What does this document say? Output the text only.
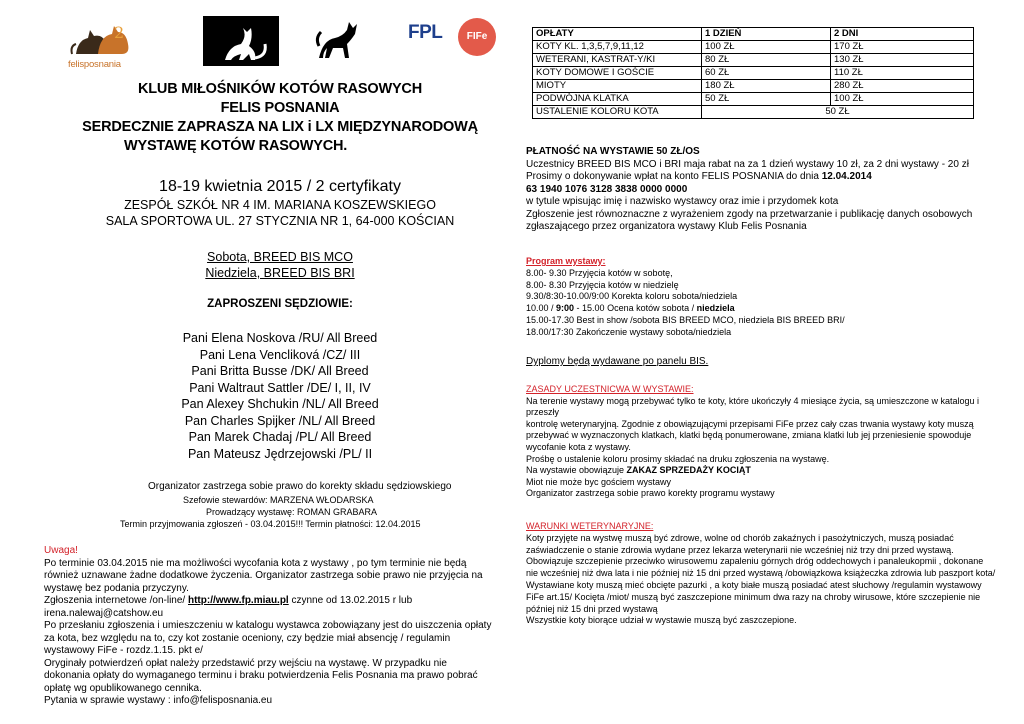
2
felisposnania
FPL	FIFe
KLUB MIŁOŚNIKÓW KOTÓW RASOWYCH
FELIS POSNANIA
SERDECZNIE ZAPRASZA NA LIX i LX MIĘDZYNARODOWĄ
WYSTAWĘ KOTÓW RASOWYCH.
18-19 kwietnia 2015 / 2 certyfikaty
ZESPÓŁ SZKÓŁ NR 4 IM. MARIANA KOSZEWSKIEGO
SALA SPORTOWA UL. 27 STYCZNIA NR 1, 64-000 KOŚCIAN
Sobota, BREED BIS MCO
Niedziela, BREED BIS BRI
ZAPROSZENI SĘDZIOWIE:
Pani Elena Noskova /RU/ All Breed
Pani Lena Vencliková /CZ/ III
Pani Britta Busse /DK/ All Breed
Pani Waltraut Sattler /DE/ I, II, IV
Pan Alexey Shchukin /NL/ All Breed
Pan Charles Spijker /NL/ All Breed
Pan Marek Chadaj /PL/ All Breed
Pan Mateusz Jędrzejowski /PL/ II
Organizator zastrzega sobie prawo do korekty składu sędziowskiego
Szefowie stewardów: MARZENA WŁODARSKA
Prowadzący wystawę: ROMAN GRABARA
Termin przyjmowania zgłoszeń - 03.04.2015!!! Termin płatności: 12.04.2015
Uwaga!
Po terminie 03.04.2015 nie ma możliwości wycofania kota z wystawy , po tym terminie nie będą również uznawane żadne dodatkowe życzenia. Organizator zastrzega sobie prawo nie przyjęcia na wystawę bez podania przyczyny.
Zgłoszenia internetowe /on-line/ http://www.fp.miau.pl czynne od 13.02.2015 r lub irena.nalewaj@catshow.eu
Po przesłaniu zgłoszenia i umieszczeniu w katalogu wystawca zobowiązany jest do uiszczenia opłaty za kota, bez względu na to, czy kot zostanie oceniony, czy będzie miał absencję / regulamin wystawowy FiFe - rozdz.1.15. pkt e/
Oryginały potwierdzeń opłat należy przedstawić przy wejściu na wystawę. W przypadku nie dokonania opłaty do wymaganego terminu i braku potwierdzenia Felis Posnania ma prawo pobrać opłatę wg opublikowanego cennika.
Pytania w sprawie wystawy : info@felisposnania.eu
OPŁATY	1 DZIEŃ	2 DNI
KOTY KL. 1,3,5,7,9,11,12	100 ZŁ	170 ZŁ
WETERANI, KASTRAT-Y/KI	80 ZŁ	130 ZŁ
KOTY DOMOWE I GOŚCIE	60 ZŁ	110 ZŁ
MIOTY	180 ZŁ	280 ZŁ
PODWÓJNA KLATKA	50 ZŁ	100 ZŁ
USTALENIE KOLORU KOTA	50 ZŁ	
PŁATNOŚĆ NA WYSTAWIE 50 ZŁ/OS
Uczestnicy BREED BIS MCO i BRI maja rabat na za 1 dzień wystawy 10 zł, za 2 dni wystawy - 20 zł
Prosimy o dokonywanie wpłat na konto FELIS POSNANIA do dnia 12.04.2014
63 1940 1076 3128 3838 0000 0000
w tytule wpisując imię i nazwisko wystawcy oraz imie i przydomek kota
Zgłoszenie jest równoznaczne z wyrażeniem zgody na przetwarzanie i publikację danych osobowych zgłaszającego przez organizatora wystawy Klub Felis Posnania
Program wystawy:
8.00- 9.30 Przyjęcia kotów w sobotę,
8.00- 8.30 Przyjęcia kotów w niedzielę
9.30/8:30-10.00/9:00 Korekta koloru sobota/niedziela
10.00 / 9:00 - 15.00 Ocena kotów sobota / niedziela
15.00-17.30 Best in show /sobota BIS BREED MCO, niedziela BIS BREED BRI/
18.00/17:30 Zakończenie wystawy sobota/niedziela
Dyplomy będą wydawane po panelu BIS.
ZASADY UCZESTNICWA W WYSTAWIE:
Na terenie wystawy mogą przebywać tylko te koty, które ukończyły 4 miesiące życia, są umieszczone w katalogu i przeszły
kontrolę weterynaryjną. Zgodnie z obowiązującymi przepisami FiFe przez cały czas trwania wystawy koty muszą przebywać w wyznaczonych klatkach, klatki będą ponumerowane, zmiana klatki lub jej przeniesienie spowoduje wycofanie kota z wystawy.
Prośbę o ustalenie koloru prosimy składać na druku zgłoszenia na wystawę.
Na wystawie obowiązuje ZAKAZ SPRZEDAŻY KOCIĄT
Miot nie może byc gościem wystawy
Organizator zastrzega sobie prawo korekty programu wystawy
WARUNKI WETERYNARYJNE:
Koty przyjęte na wystwę muszą być zdrowe, wolne od chorób zakaźnych i pasożytniczych, muszą posiadać zaświadczenie o stanie zdrowia wydane przez lekarza weterynarii nie wcześniej niż trzy dni przed wystawą.
Obowiązuje szczepienie przeciwko wirusowemu zapaleniu górnych dróg oddechowych i panaleukopmii , dokonane nie wcześniej niż dwa lata i nie później niż 15 dni przed wystawą /obowiązkowa książeczka zdrowia lub paszport kota/
Wystawiane koty muszą mieć obcięte pazurki , a koty białe muszą posiadać atest słuchowy /regulamin wystawowy FiFe art.15/ Kocięta /miot/ muszą być zaszczepione minimum dwa razy na chroby wirusowe, które szczepienie nie później niż 15 dni przed wystawą
Wszystkie koty biorące udział w wystawie muszą być zaszczepione.
